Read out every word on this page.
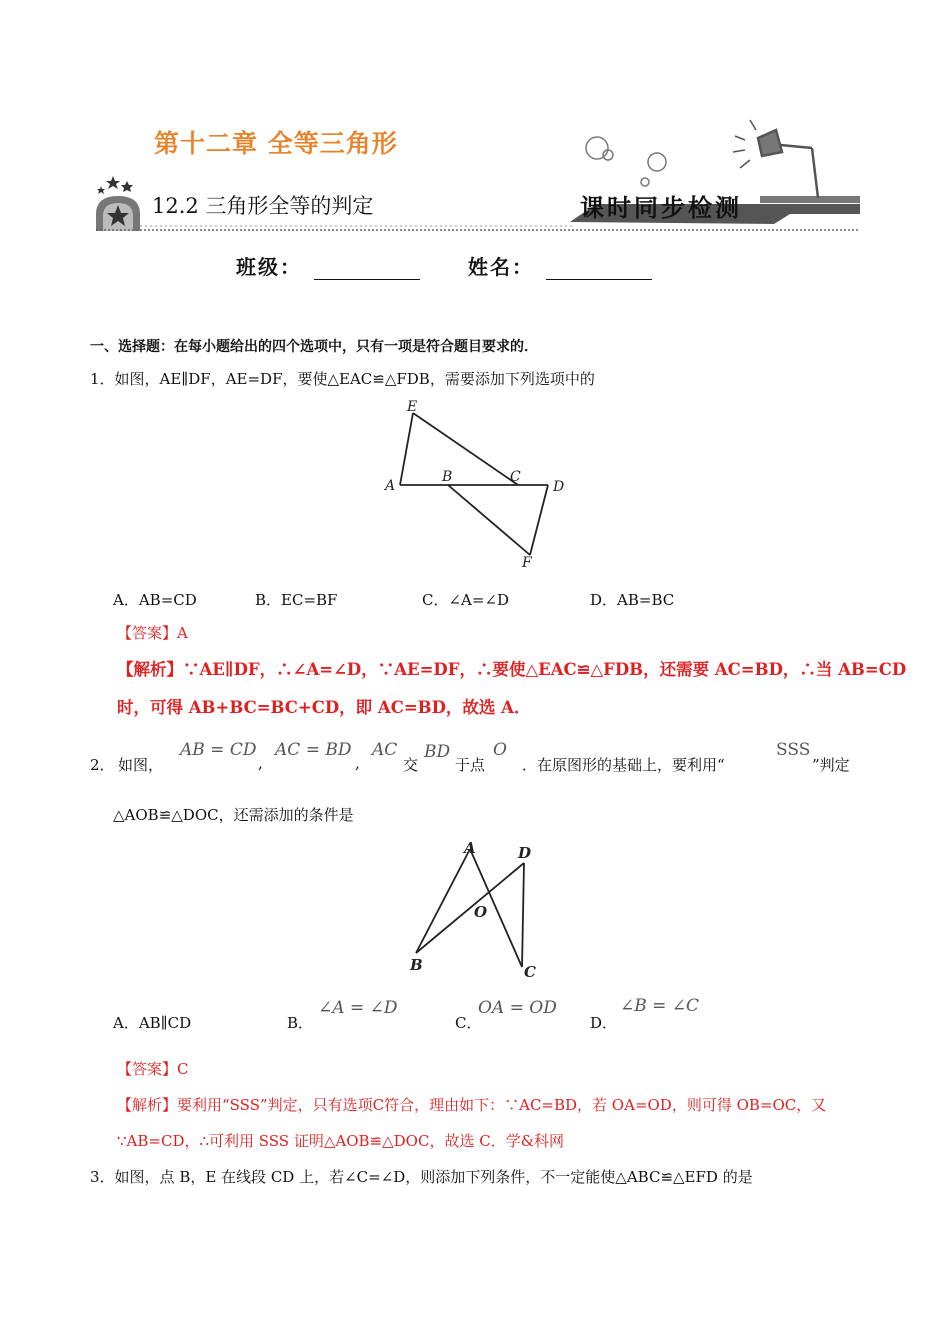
第十二章 全等三角形
12.2 三角形全等的判定	课时同步检测
班级：	姓名：
一、选择题：在每小题给出的四个选项中，只有一项是符合题目要求的．
1．如图，AE∥DF，AE=DF，要使△EAC≌△FDB，需要添加下列选项中的
E
A
B	C
D
F
A．AB=CD	B．EC=BF	C．∠A=∠D	D．AB=BC
【答案】A
【解析】∵AE∥DF，∴∠A=∠D，∵AE=DF，∴要使△EAC≌△FDB，还需要 AC=BD，∴当 AB=CD
时，可得 AB+BC=BC+CD，即 AC=BD，故选 A．
2． 如图，
AB = CD
,
AC = BD
,
AC
交
BD
于点
O
．在原图形的基础上，要利用“
SSS
”判定
△AOB≌△DOC，还需添加的条件是
A	D
O
B	C
A．AB∥CD	B．
∠A = ∠D
C．
OA = OD
D．
∠B = ∠C
【答案】C
【解析】要利用“SSS”判定，只有选项C符合，理由如下：∵AC=BD，若 OA=OD，则可得 OB=OC，又
∵AB=CD，∴可利用 SSS 证明△AOB≌△DOC，故选 C．学&科网
3．如图，点 B，E 在线段 CD 上，若∠C=∠D，则添加下列条件，不一定能使△ABC≌△EFD 的是
